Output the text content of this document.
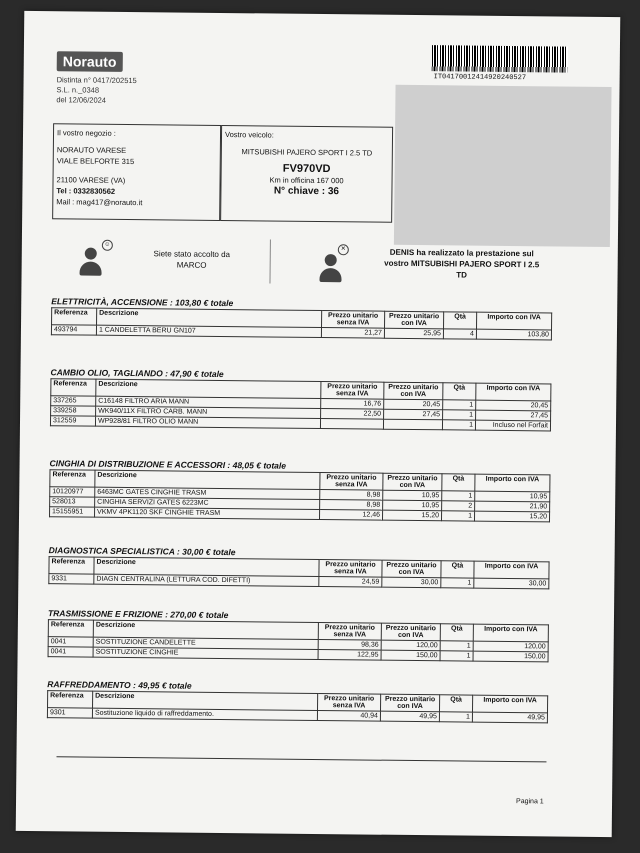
Norauto
Distinta n° 0417/202515
S.L. n._0348
del 12/06/2024
IT04170012414920240527
Il vostro negozio :
NORAUTO VARESE
VIALE BELFORTE 315
21100 VARESE (VA)
Tel : 0332830562
Mail : mag417@norauto.it
Vostro veicolo:
MITSUBISHI PAJERO SPORT I 2.5 TD
FV970VD
Km in officina 167 000
N° chiave : 36
☺
Siete stato accolto da
MARCO
✕	DENIS ha realizzato la prestazione sul
vostro MITSUBISHI PAJERO SPORT I 2.5
TD
ELETTRICITÀ, ACCENSIONE : 103,80 € totale
Referenza	Descrizione	Prezzo unitario senza IVA	Prezzo unitario con IVA	Qtà	Importo con IVA
493794	1 CANDELETTA BERU GN107	21,27	25,95	4	103,80
CAMBIO OLIO, TAGLIANDO : 47,90 € totale
Referenza	Descrizione	Prezzo unitario senza IVA	Prezzo unitario con IVA	Qtà	Importo con IVA
337265	C16148 FILTRO ARIA MANN	16,76	20,45	1	20,45
339258	WK940/11X FILTRO CARB. MANN	22,50	27,45	1	27,45
312559	WP928/81 FILTRO OLIO MANN			1	Incluso nel Forfait
CINGHIA DI DISTRIBUZIONE E ACCESSORI : 48,05 € totale
Referenza	Descrizione	Prezzo unitario senza IVA	Prezzo unitario con IVA	Qtà	Importo con IVA
10120977	6463MC GATES CINGHIE TRASM	8,98	10,95	1	10,95
528013	CINGHIA SERVIZI GATES 6223MC	8,98	10,95	2	21,90
15155951	VKMV 4PK1120 SKF CINGHIE TRASM	12,46	15,20	1	15,20
DIAGNOSTICA SPECIALISTICA : 30,00 € totale
Referenza	Descrizione	Prezzo unitario senza IVA	Prezzo unitario con IVA	Qtà	Importo con IVA
9331	DIAGN CENTRALINA (LETTURA COD. DIFETTI)	24,59	30,00	1	30,00
TRASMISSIONE E FRIZIONE : 270,00 € totale
Referenza	Descrizione	Prezzo unitario senza IVA	Prezzo unitario con IVA	Qtà	Importo con IVA
0041	SOSTITUZIONE CANDELETTE	98,36	120,00	1	120,00
0041	SOSTITUZIONE CINGHIE	122,95	150,00	1	150,00
RAFFREDDAMENTO : 49,95 € totale
Referenza	Descrizione	Prezzo unitario senza IVA	Prezzo unitario con IVA	Qtà	Importo con IVA
9301	Sostituzione liquido di raffreddamento.	40,94	49,95	1	49,95
Pagina 1
